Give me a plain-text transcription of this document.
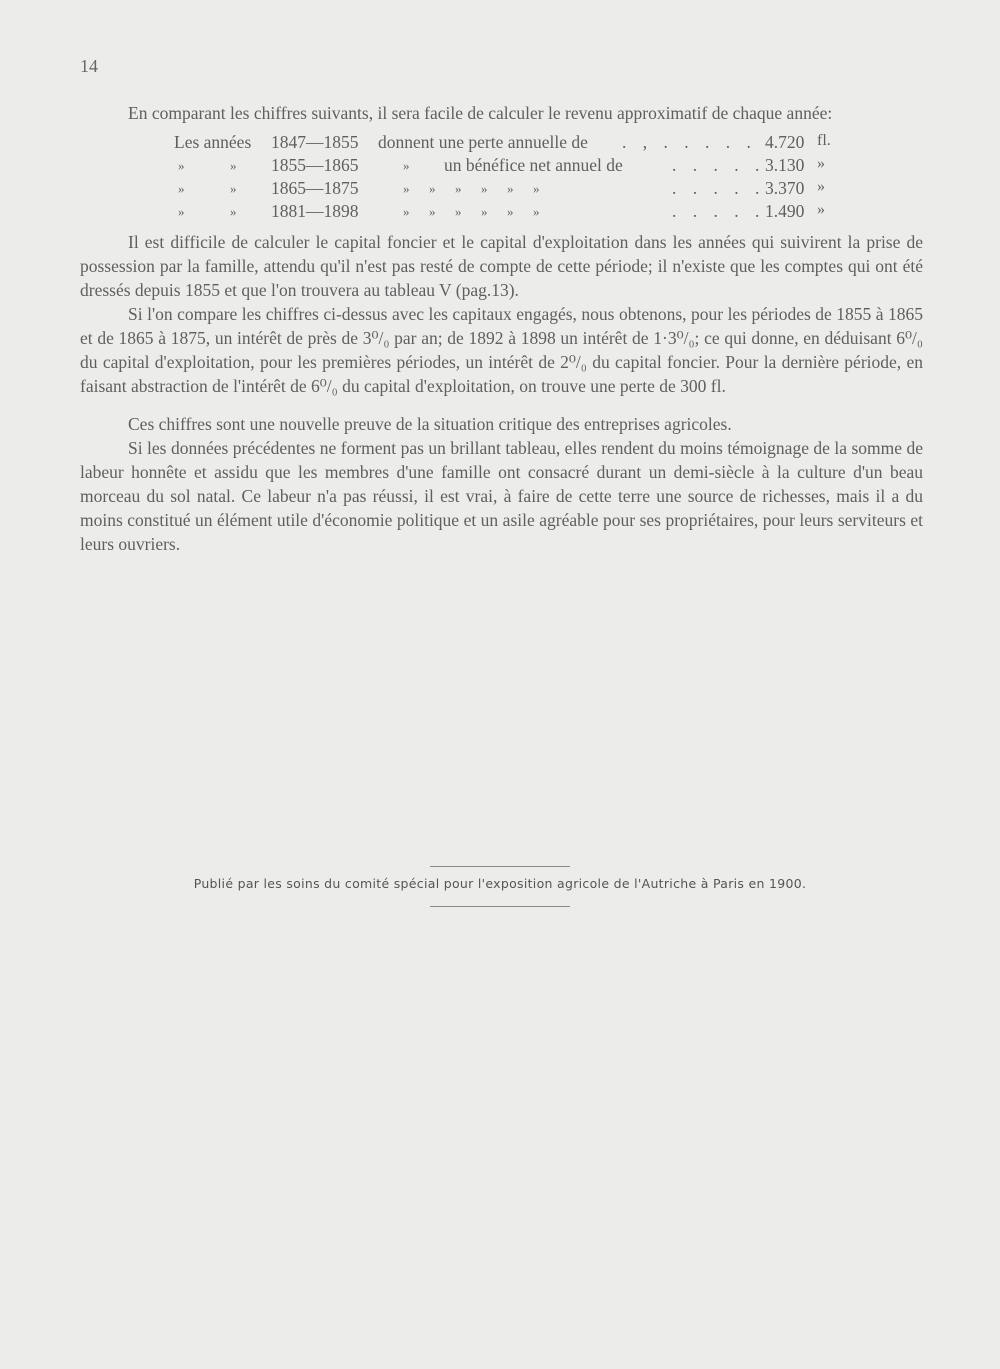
14
En comparant les chiffres suivants, il sera facile de calculer le revenu approximatif de chaque année:
Les années 1847—1855 donnent une perte annuelle de . , . . . . . 4.720 fl.
»	» 1855—1865	» un bénéfice net annuel de	. . . . . 3.130 »
»	» 1865—1875	»      »      »      »      »      »	. . . . . 3.370 »
»	» 1881—1898	»      »      »      »      »      »	. . . . . 1.490 »

Il est difficile de calculer le capital foncier et le capital d'exploitation dans les années qui suivirent la prise de possession par la famille, attendu qu'il n'est pas resté de compte de cette période; il n'existe que les comptes qui ont été dressés depuis 1855 et que l'on trouvera au tableau V (pag.13).

Si l'on compare les chiffres ci-dessus avec les capitaux engagés, nous obtenons, pour les périodes de 1855 à 1865 et de 1865 à 1875, un intérêt de près de 3⁰/₀ par an; de 1892 à 1898 un intérêt de 1·3⁰/₀; ce qui donne, en déduisant 6⁰/₀ du capital d'exploitation, pour les premières périodes, un intérêt de 2⁰/₀ du capital foncier. Pour la dernière période, en faisant abstraction de l'intérêt de 6⁰/₀ du capital d'exploitation, on trouve une perte de 300 fl.

Ces chiffres sont une nouvelle preuve de la situation critique des entreprises agricoles.

Si les données précédentes ne forment pas un brillant tableau, elles rendent du moins témoignage de la somme de labeur honnête et assidu que les membres d'une famille ont consacré durant un demi-siècle à la culture d'un beau morceau du sol natal. Ce labeur n'a pas réussi, il est vrai, à faire de cette terre une source de richesses, mais il a du moins constitué un élément utile d'économie politique et un asile agréable pour ses propriétaires, pour leurs serviteurs et leurs ouvriers.

Publié par les soins du comité spécial pour l'exposition agricole de l'Autriche à Paris en 1900.
